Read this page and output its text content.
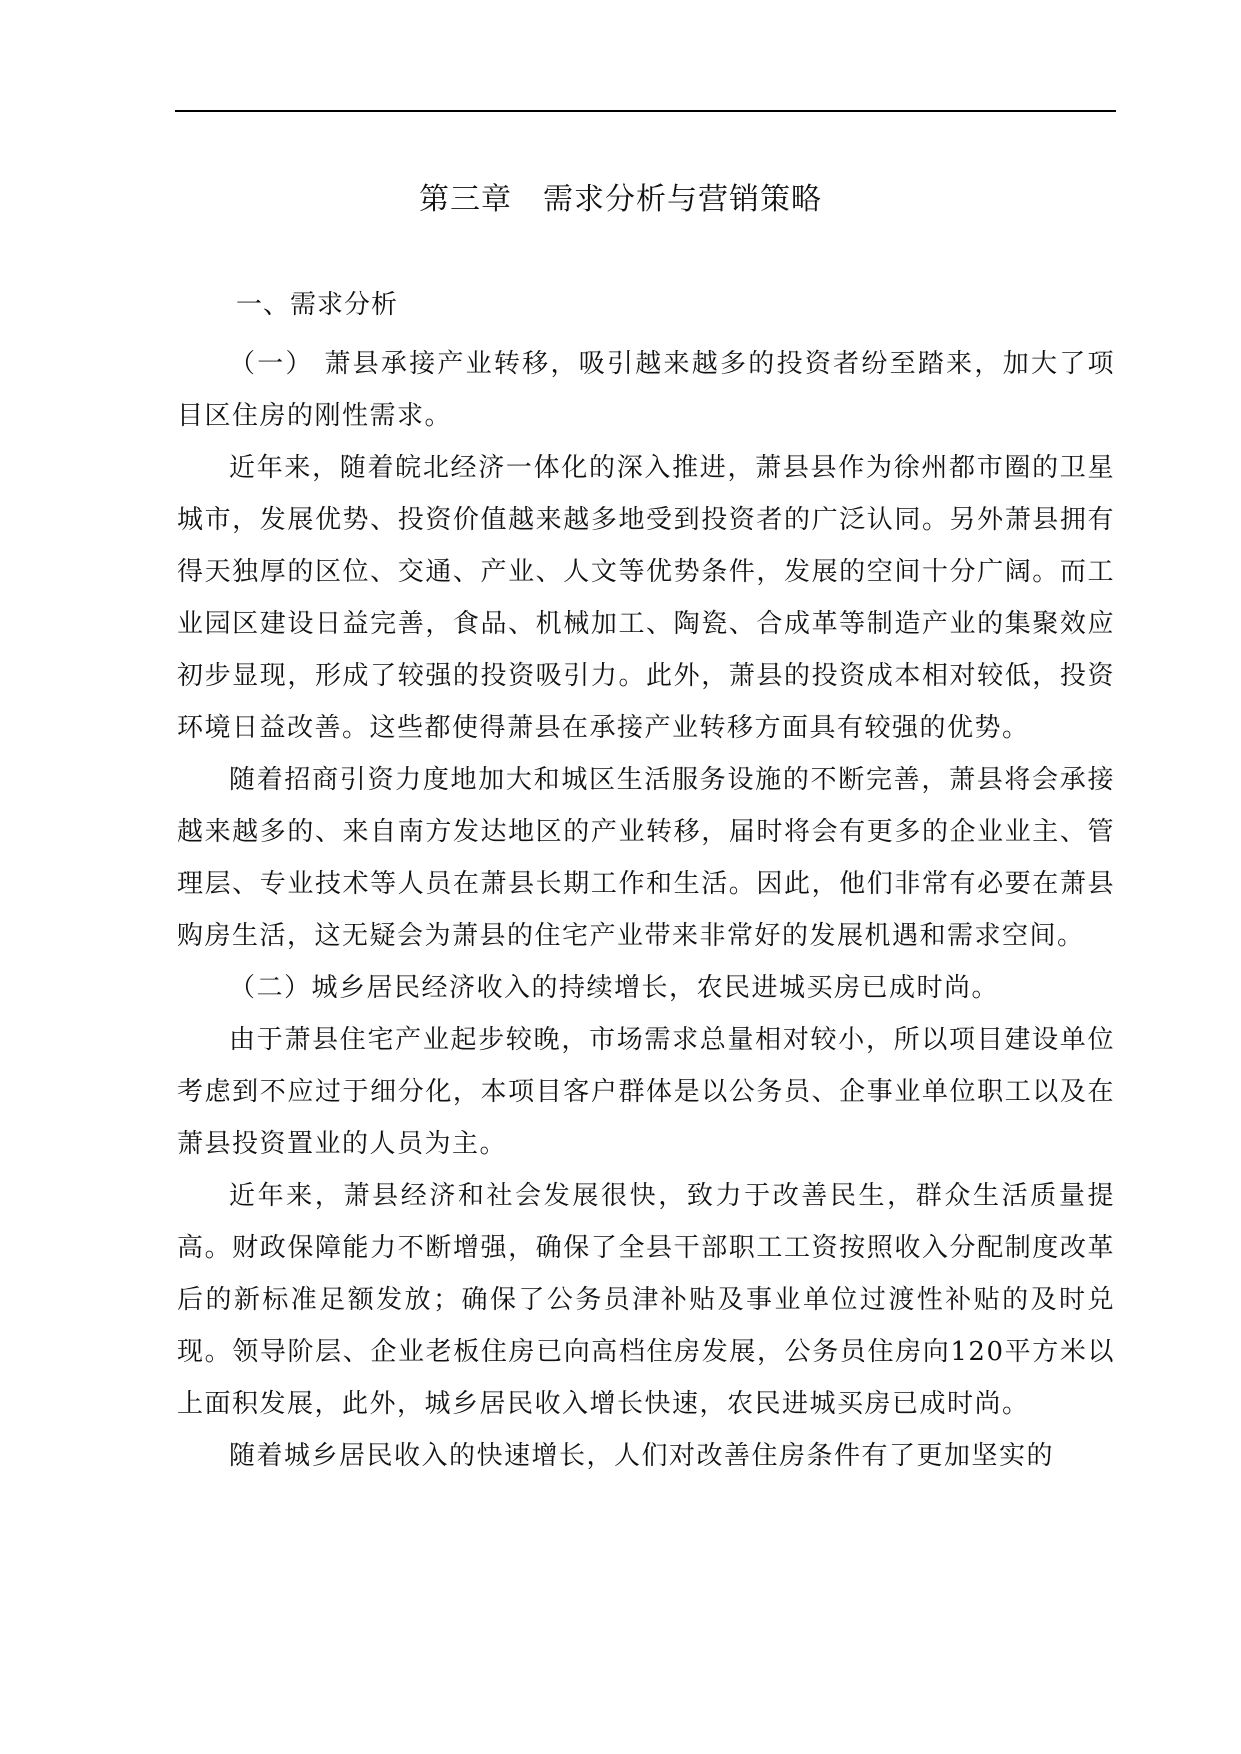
第三章　需求分析与营销策略
一、需求分析

（一） 萧县承接产业转移，吸引越来越多的投资者纷至踏来，加大了项目区住房的刚性需求。

近年来，随着皖北经济一体化的深入推进，萧县县作为徐州都市圈的卫星城市，发展优势、投资价值越来越多地受到投资者的广泛认同。另外萧县拥有得天独厚的区位、交通、产业、人文等优势条件，发展的空间十分广阔。而工业园区建设日益完善，食品、机械加工、陶瓷、合成革等制造产业的集聚效应初步显现，形成了较强的投资吸引力。此外，萧县的投资成本相对较低，投资环境日益改善。这些都使得萧县在承接产业转移方面具有较强的优势。

随着招商引资力度地加大和城区生活服务设施的不断完善，萧县将会承接越来越多的、来自南方发达地区的产业转移，届时将会有更多的企业业主、管理层、专业技术等人员在萧县长期工作和生活。因此，他们非常有必要在萧县购房生活，这无疑会为萧县的住宅产业带来非常好的发展机遇和需求空间。

（二）城乡居民经济收入的持续增长，农民进城买房已成时尚。

由于萧县住宅产业起步较晚，市场需求总量相对较小，所以项目建设单位考虑到不应过于细分化，本项目客户群体是以公务员、企事业单位职工以及在萧县投资置业的人员为主。

近年来，萧县经济和社会发展很快，致力于改善民生，群众生活质量提高。财政保障能力不断增强，确保了全县干部职工工资按照收入分配制度改革后的新标准足额发放；确保了公务员津补贴及事业单位过渡性补贴的及时兑现。领导阶层、企业老板住房已向高档住房发展，公务员住房向120平方米以上面积发展，此外，城乡居民收入增长快速，农民进城买房已成时尚。

随着城乡居民收入的快速增长，人们对改善住房条件有了更加坚实的
